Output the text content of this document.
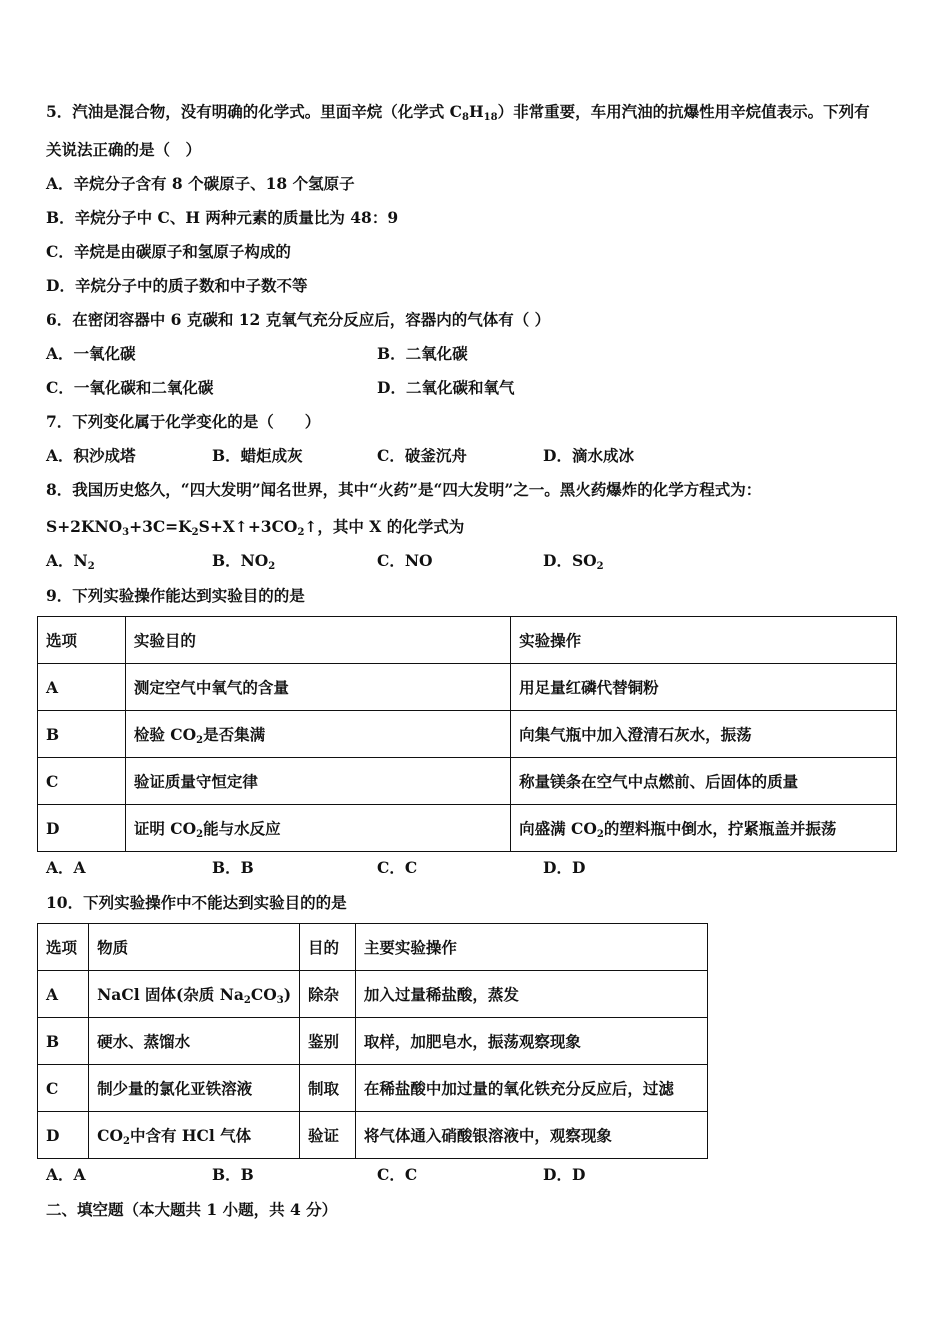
5．汽油是混合物，没有明确的化学式。里面辛烷（化学式 $C_8H_{18}$）非常重要，车用汽油的抗爆性用辛烷值表示。下列有
关说法正确的是（　）
A．辛烷分子含有 8 个碳原子、18 个氢原子
B．辛烷分子中 C、H 两种元素的质量比为 48：9
C．辛烷是由碳原子和氢原子构成的
D．辛烷分子中的质子数和中子数不等
6．在密闭容器中 6 克碳和 12 克氧气充分反应后，容器内的气体有（ ）
A．一氧化碳	B．二氧化碳
C．一氧化碳和二氧化碳	D．二氧化碳和氧气
7．下列变化属于化学变化的是（　　）
A．积沙成塔	B．蜡炬成灰	C．破釜沉舟	D．滴水成冰
8．我国历史悠久，“四大发明”闻名世界，其中“火药”是“四大发明”之一。黑火药爆炸的化学方程式为：
$S+2KNO_3+3C=K_2S+X↑+3CO_2↑$，其中 X 的化学式为
A．$N_2$	B．$NO_2$	C．NO	D．$SO_2$
9．下列实验操作能达到实验目的的是
选项	实验目的	实验操作
A	测定空气中氧气的含量	用足量红磷代替铜粉
B	检验 $CO_2$是否集满	向集气瓶中加入澄清石灰水，振荡
C	验证质量守恒定律	称量镁条在空气中点燃前、后固体的质量
D	证明 $CO_2$能与水反应	向盛满 $CO_2$的塑料瓶中倒水，拧紧瓶盖并振荡
A．A	B．B	C．C	D．D
10．下列实验操作中不能达到实验目的的是
选项	物质	目的	主要实验操作
A	NaCl 固体(杂质 $Na_2CO_3$)	除杂	加入过量稀盐酸，蒸发
B	硬水、蒸馏水	鉴别	取样，加肥皂水，振荡观察现象
C	制少量的氯化亚铁溶液	制取	在稀盐酸中加过量的氧化铁充分反应后，过滤
D	$CO_2$中含有 HCl 气体	验证	将气体通入硝酸银溶液中，观察现象
A．A	B．B	C．C	D．D
二、填空题（本大题共 1 小题，共 4 分）
